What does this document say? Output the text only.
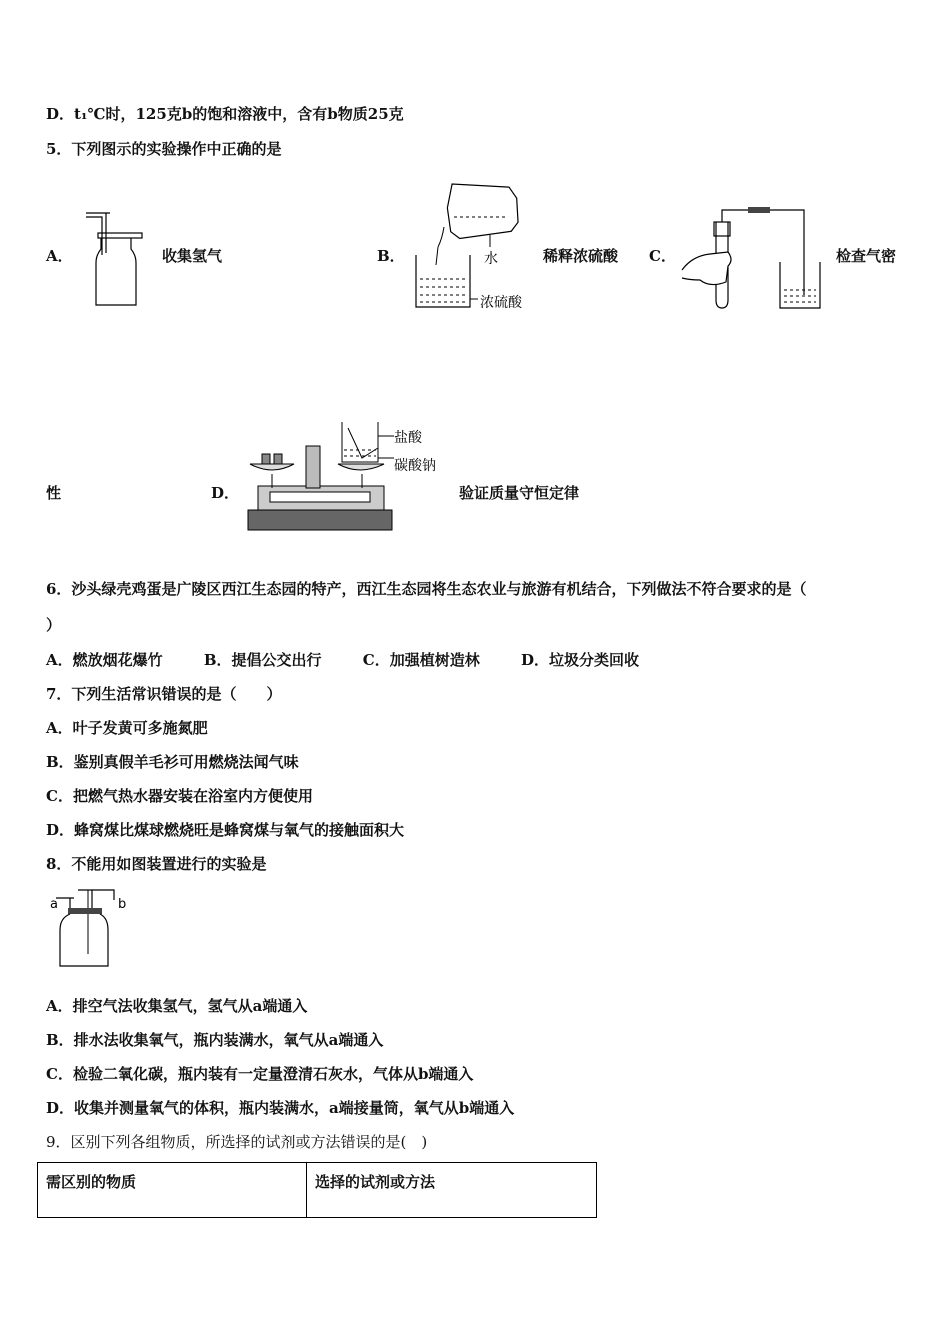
D．t₁℃时，125克b的饱和溶液中，含有b物质25克
5．下列图示的实验操作中正确的是
A．	收集氢气	B．	水
浓硫酸
稀释浓硫酸 C．	检查气密
性	D．
盐酸
碳酸钠
验证质量守恒定律
6．沙头绿壳鸡蛋是广陵区西江生态园的特产，西江生态园将生态农业与旅游有机结合，下列做法不符合要求的是（
）
A．燃放烟花爆竹	B．提倡公交出行	C．加强植树造林	D．垃圾分类回收
7．下列生活常识错误的是（　　）
A．叶子发黄可多施氮肥
B．鉴别真假羊毛衫可用燃烧法闻气味
C．把燃气热水器安装在浴室内方便使用
D．蜂窝煤比煤球燃烧旺是蜂窝煤与氧气的接触面积大
8．不能用如图装置进行的实验是
a	b
A．排空气法收集氢气，氢气从a端通入
B．排水法收集氧气，瓶内装满水，氧气从a端通入
C．检验二氧化碳，瓶内装有一定量澄清石灰水，气体从b端通入
D．收集并测量氧气的体积，瓶内装满水，a端接量筒，氧气从b端通入
9．区别下列各组物质，所选择的试剂或方法错误的是(　)
需区别的物质	选择的试剂或方法
